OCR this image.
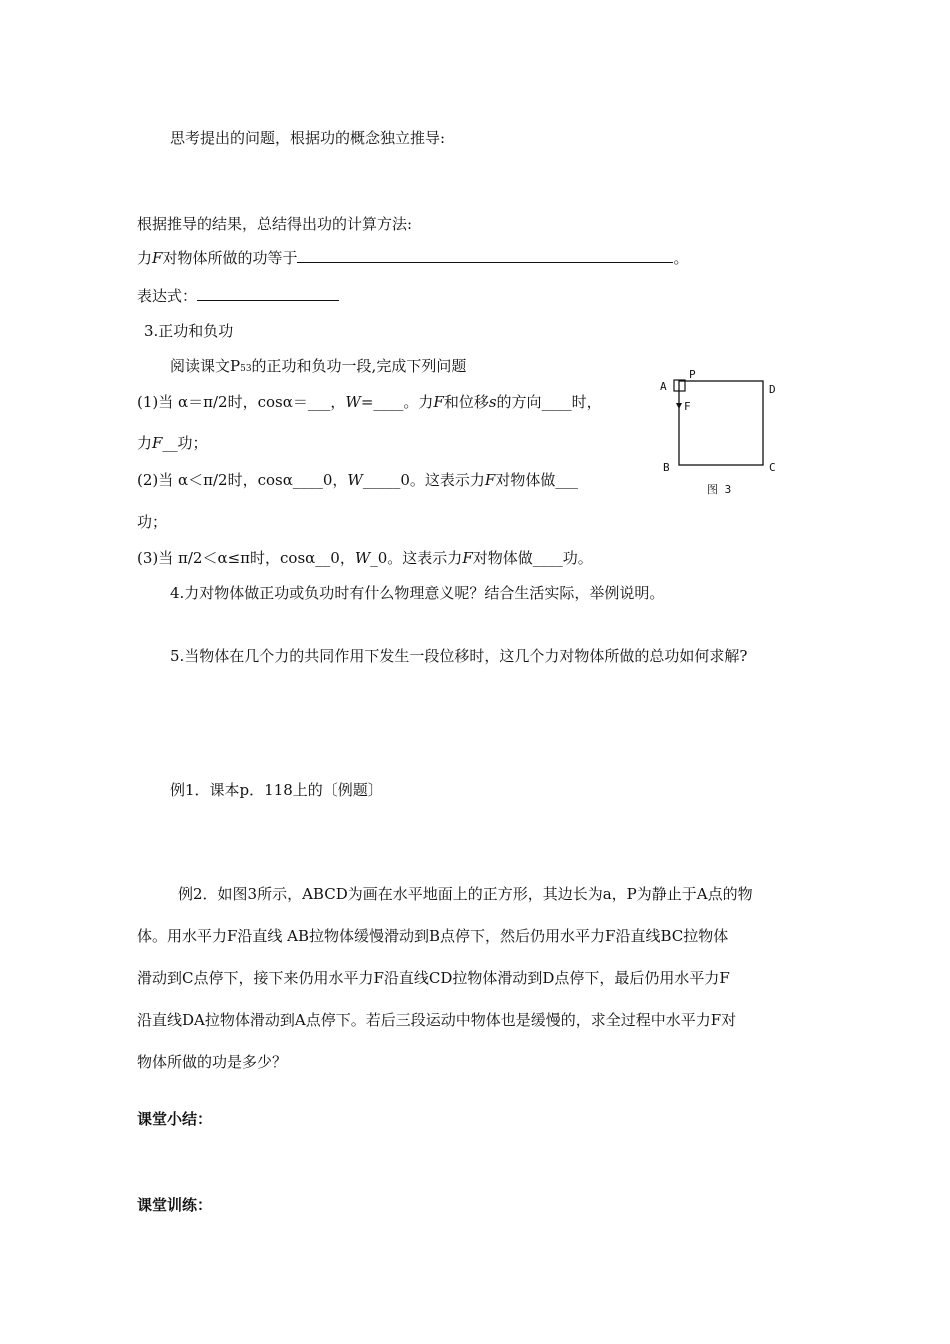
思考提出的问题，根据功的概念独立推导:
根据推导的结果，总结得出功的计算方法:
力F对物体所做的功等于	。
表达式：
3.正功和负功
阅读课文P53的正功和负功一段,完成下列问题
(1)当 α＝π/2时，cosα＝___，W=____。力F和位移s的方向____时，
力F__功；
(2)当 α＜π/2时，cosα____0，W_____0。这表示力F对物体做___
功；
(3)当 π/2＜α≤π时，cosα__0，W_0。这表示力F对物体做____功。
4.力对物体做正功或负功时有什么物理意义呢？结合生活实际，举例说明。
5.当物体在几个力的共同作用下发生一段位移时，这几个力对物体所做的总功如何求解?
例1．课本p．118上的〔例题〕
例2．如图3所示，ABCD为画在水平地面上的正方形，其边长为a，P为静止于A点的物
体。用水平力F沿直线 AB拉物体缓慢滑动到B点停下，然后仍用水平力F沿直线BC拉物体
滑动到C点停下，接下来仍用水平力F沿直线CD拉物体滑动到D点停下，最后仍用水平力F
沿直线DA拉物体滑动到A点停下。若后三段运动中物体也是缓慢的，求全过程中水平力F对
物体所做的功是多少？
课堂小结：
课堂训练：
A
P
D
F
B	C
图 3
